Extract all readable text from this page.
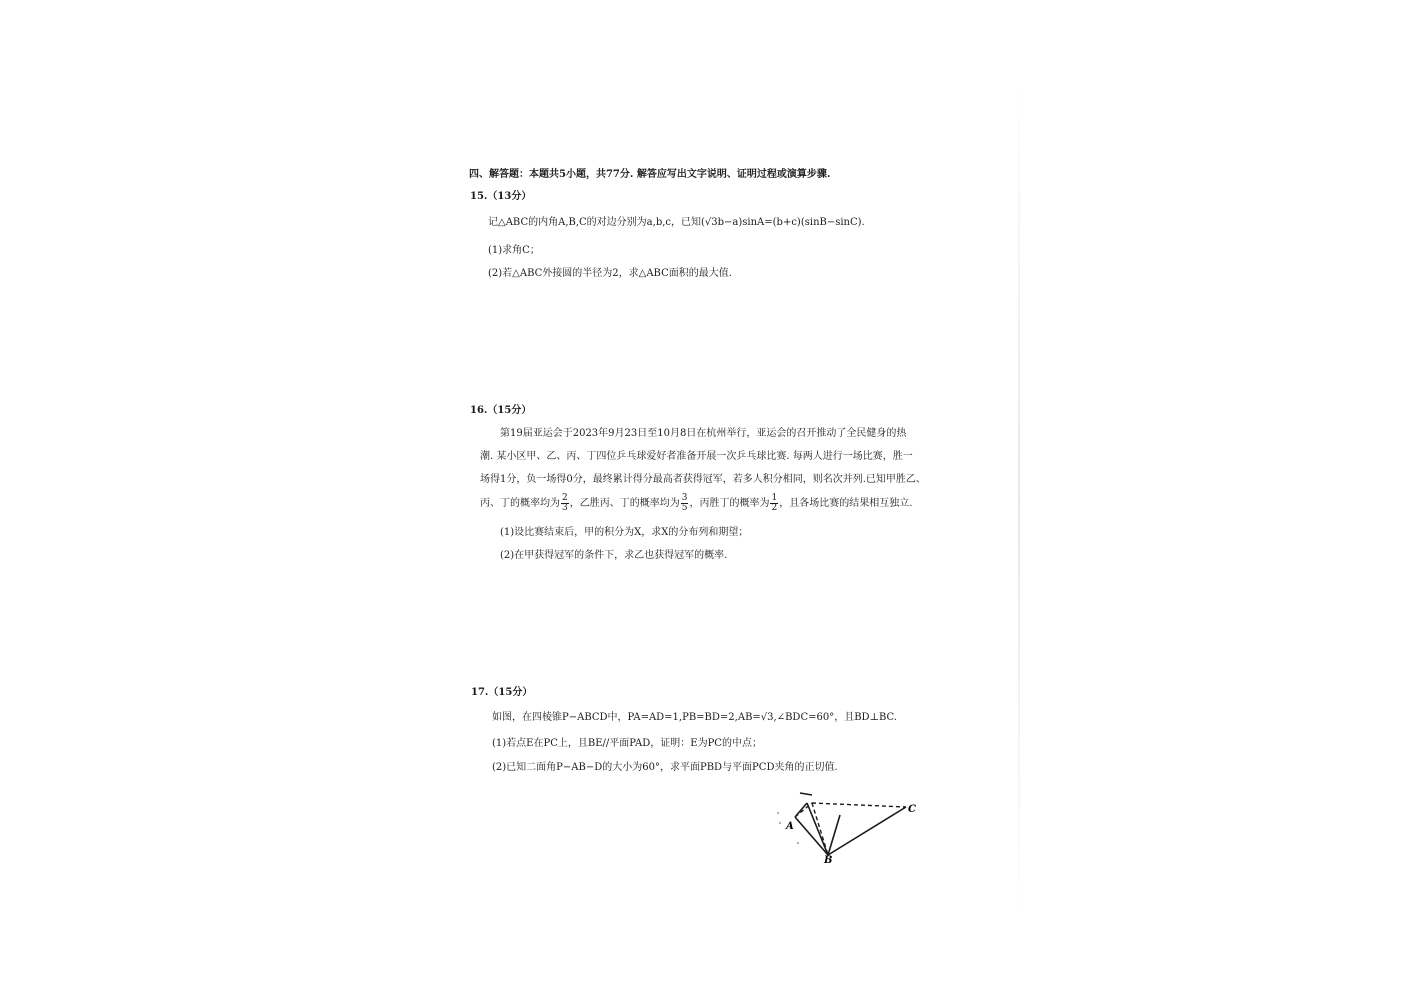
四、解答题：本题共5小题，共77分. 解答应写出文字说明、证明过程或演算步骤.
15.（13分）
记△ABC的内角A,B,C的对边分别为a,b,c，已知(√3b−a)sinA=(b+c)(sinB−sinC).
(1)求角C；
(2)若△ABC外接圆的半径为2，求△ABC面积的最大值.
16.（15分）
第19届亚运会于2023年9月23日至10月8日在杭州举行，亚运会的召开推动了全民健身的热
潮. 某小区甲、乙、丙、丁四位乒乓球爱好者准备开展一次乒乓球比赛. 每两人进行一场比赛，胜一
场得1分，负一场得0分，最终累计得分最高者获得冠军，若多人积分相同，则名次并列.已知甲胜乙、
丙、丁的概率均为 $\frac{2}{3}$ ，乙胜丙、丁的概率均为 $\frac{3}{5}$ ，丙胜丁的概率为 $\frac{1}{2}$ ，且各场比赛的结果相互独立.
(1)设比赛结束后，甲的积分为X，求X的分布列和期望；
(2)在甲获得冠军的条件下，求乙也获得冠军的概率.
17.（15分）
如图，在四棱锥P−ABCD中，PA=AD=1,PB=BD=2,AB=√3,∠BDC=60°，且BD⊥BC.
(1)若点E在PC上，且BE//平面PAD，证明：E为PC的中点；
(2)已知二面角P−AB−D的大小为60°，求平面PBD与平面PCD夹角的正切值.
A
B
C
